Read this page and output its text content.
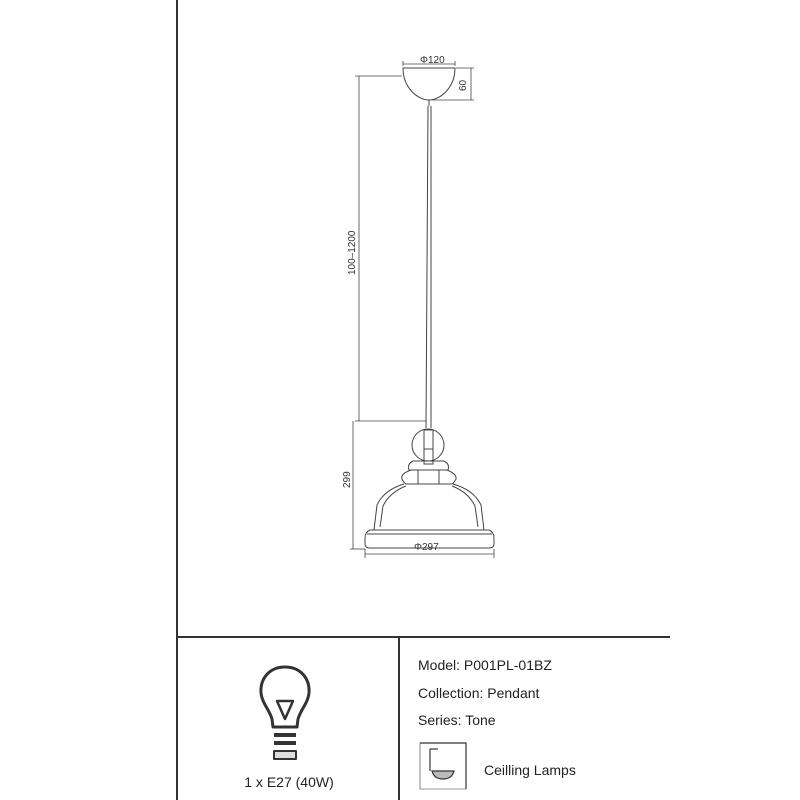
Φ120
60
100–1200
299
Φ297
Model: P001PL-01BZ
Collection: Pendant
Series: Tone
Ceilling Lamps
1 x E27 (40W)
